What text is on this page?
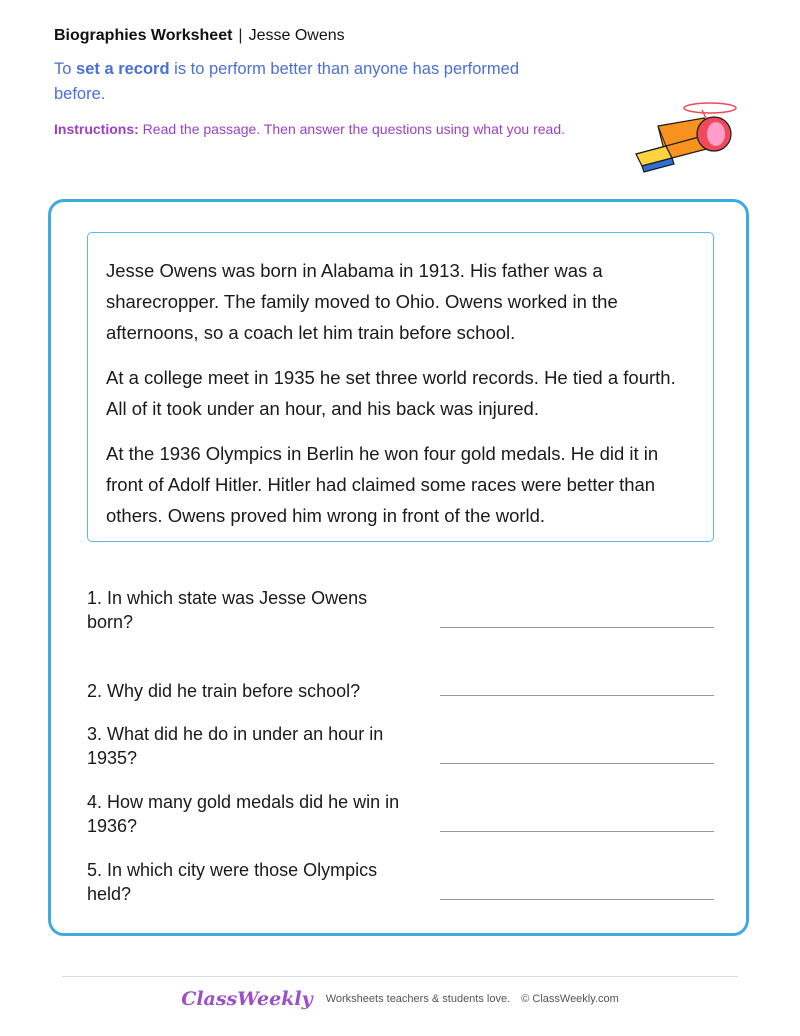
Biographies Worksheet | Jesse Owens
To set a record is to perform better than anyone has performed before.
Instructions: Read the passage. Then answer the questions using what you read.

Jesse Owens was born in Alabama in 1913. His father was a sharecropper. The family moved to Ohio. Owens worked in the afternoons, so a coach let him train before school.

At a college meet in 1935 he set three world records. He tied a fourth. All of it took under an hour, and his back was injured.

At the 1936 Olympics in Berlin he won four gold medals. He did it in front of Adolf Hitler. Hitler had claimed some races were better than others. Owens proved him wrong in front of the world.

1. In which state was Jesse Owens born?
2. Why did he train before school?
3. What did he do in under an hour in 1935?
4. How many gold medals did he win in 1936?
5. In which city were those Olympics held?
ClassWeekly Worksheets teachers & students love. © ClassWeekly.com
